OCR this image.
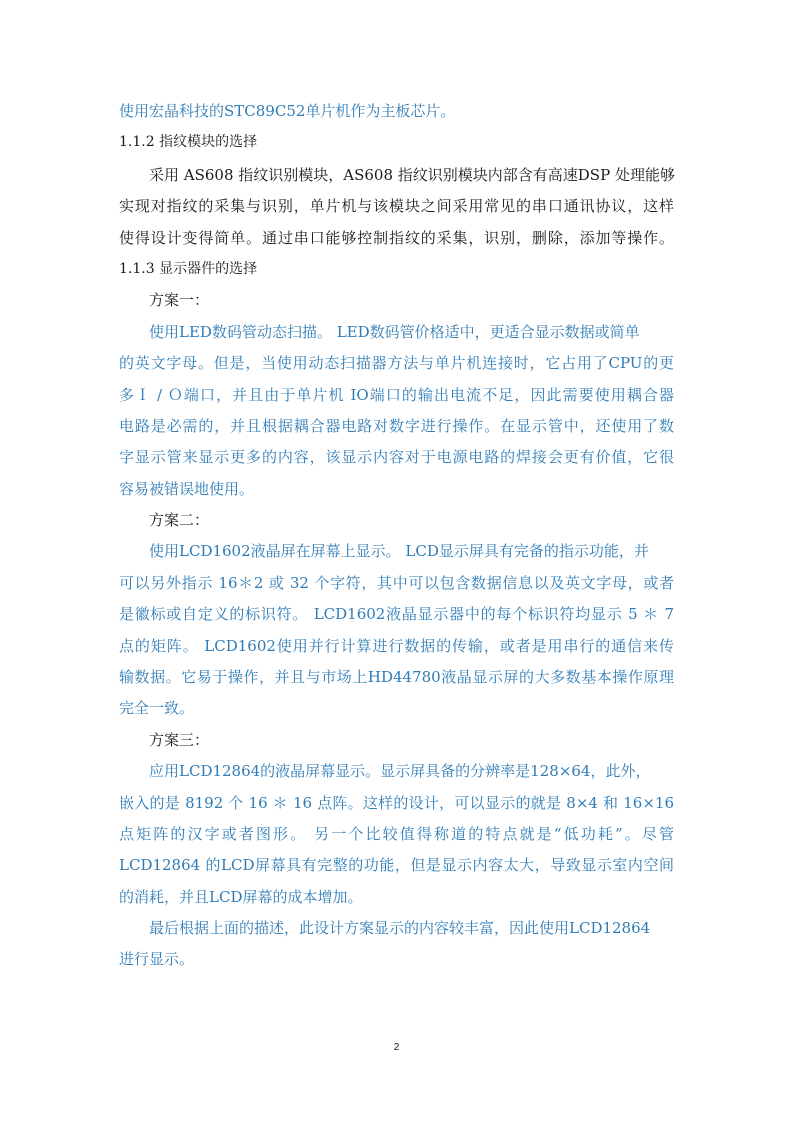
使用宏晶科技的STC89C52单片机作为主板芯片。
1.1.2 指纹模块的选择
采用 AS608 指纹识别模块，AS608 指纹识别模块内部含有高速DSP 处理能够
实现对指纹的采集与识别，单片机与该模块之间采用常见的串口通讯协议，这样
使得设计变得简单。通过串口能够控制指纹的采集，识别，删除，添加等操作。
1.1.3 显示器件的选择
方案一：
使用LED数码管动态扫描。 LED数码管价格适中，更适合显示数据或简单
的英文字母。但是，当使用动态扫描器方法与单片机连接时，它占用了CPU的更
多Ｉ / Ｏ端口，并且由于单片机 IO端口的输出电流不足，因此需要使用耦合器
电路是必需的，并且根据耦合器电路对数字进行操作。在显示管中，还使用了数
字显示管来显示更多的内容，该显示内容对于电源电路的焊接会更有价值，它很
容易被错误地使用。
方案二：
使用LCD1602液晶屏在屏幕上显示。 LCD显示屏具有完备的指示功能，并
可以另外指示 16＊2 或 32 个字符，其中可以包含数据信息以及英文字母，或者
是徽标或自定义的标识符。 LCD1602液晶显示器中的每个标识符均显示 5 ＊ 7
点的矩阵。 LCD1602使用并行计算进行数据的传输，或者是用串行的通信来传
输数据。它易于操作，并且与市场上HD44780液晶显示屏的大多数基本操作原理
完全一致。
方案三：
应用LCD12864的液晶屏幕显示。显示屏具备的分辨率是128×64，此外，
嵌入的是 8192 个 16 ＊ 16 点阵。这样的设计，可以显示的就是 8×4 和 16×16
点矩阵的汉字或者图形。 另一个比较值得称道的特点就是“低功耗”。尽管
LCD12864 的LCD屏幕具有完整的功能，但是显示内容太大，导致显示室内空间
的消耗，并且LCD屏幕的成本增加。
最后根据上面的描述，此设计方案显示的内容较丰富，因此使用LCD12864
进行显示。
2
